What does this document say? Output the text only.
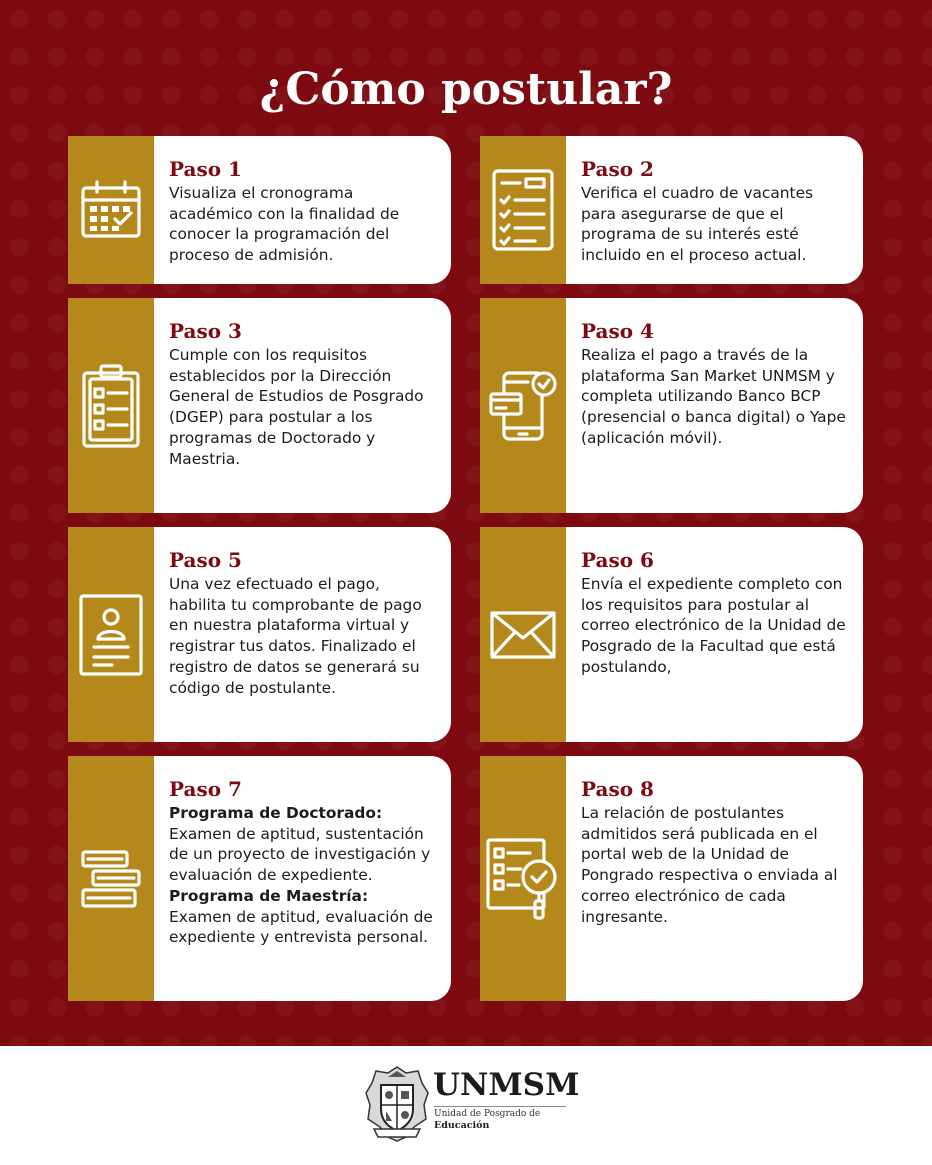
¿Cómo postular?
Paso 1

Visualiza el cronograma académico con la finalidad de conocer la programación del proceso de admisión.

Paso 2

Verifica el cuadro de vacantes para asegurarse de que el programa de su interés esté incluido en el proceso actual.

Paso 3

Cumple con los requisitos establecidos por la Dirección General de Estudios de Posgrado (DGEP) para postular a los programas de Doctorado y Maestria.

Paso 4

Realiza el pago a través de la plataforma San Market UNMSM y completa utilizando Banco BCP (presencial o banca digital) o Yape (aplicación móvil).

Paso 5

Una vez efectuado el pago, habilita tu comprobante de pago en nuestra plataforma virtual y registrar tus datos. Finalizado el registro de datos se generará su código de postulante.

Paso 6

Envía el expediente completo con los requisitos para postular al correo electrónico de la Unidad de Posgrado de la Facultad que está postulando,

Paso 7

Programa de Doctorado:

Examen de aptitud, sustentación de un proyecto de investigación y evaluación de expediente.

Programa de Maestría:

Examen de aptitud, evaluación de expediente y entrevista personal.

Paso 8

La relación de postulantes admitidos será publicada en el portal web de la Unidad de Pongrado respectiva o enviada al correo electrónico de cada ingresante.

UNMSM

Unidad de Posgrado de

Educación
